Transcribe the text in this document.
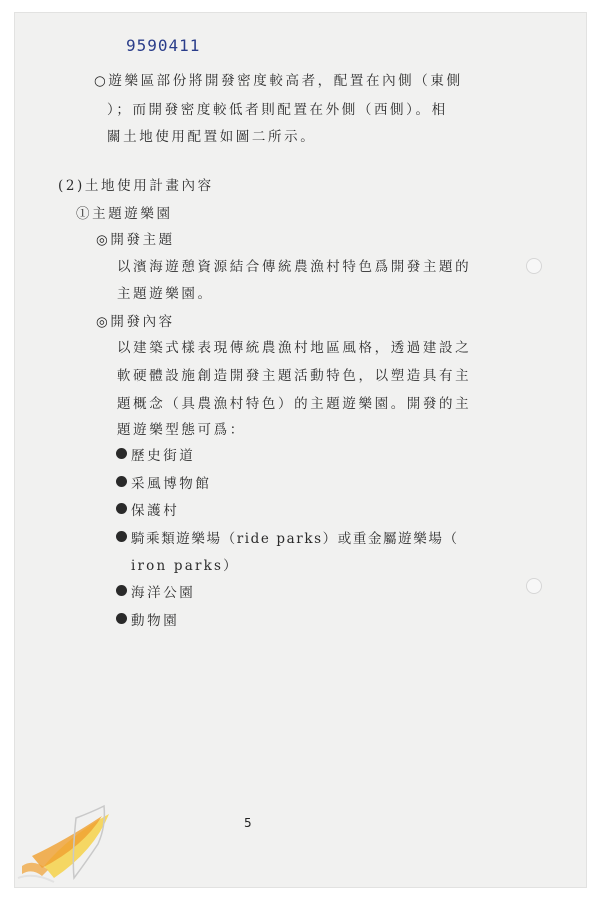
9590411
○遊樂區部份將開發密度較高者，配置在內側（東側
）；而開發密度較低者則配置在外側（西側）。相
關土地使用配置如圖二所示。
(2)土地使用計畫內容
①主題遊樂園
◎開發主題
以濱海遊憩資源結合傳統農漁村特色爲開發主題的
主題遊樂園。
◎開發內容
以建築式樣表現傳統農漁村地區風格，透過建設之
軟硬體設施創造開發主題活動特色，以塑造具有主
題概念（具農漁村特色）的主題遊樂園。開發的主
題遊樂型態可爲：
歷史街道
采風博物館
保護村
騎乘類遊樂場（ride parks）或重金屬遊樂場（
iron parks）
海洋公園
動物園
5
